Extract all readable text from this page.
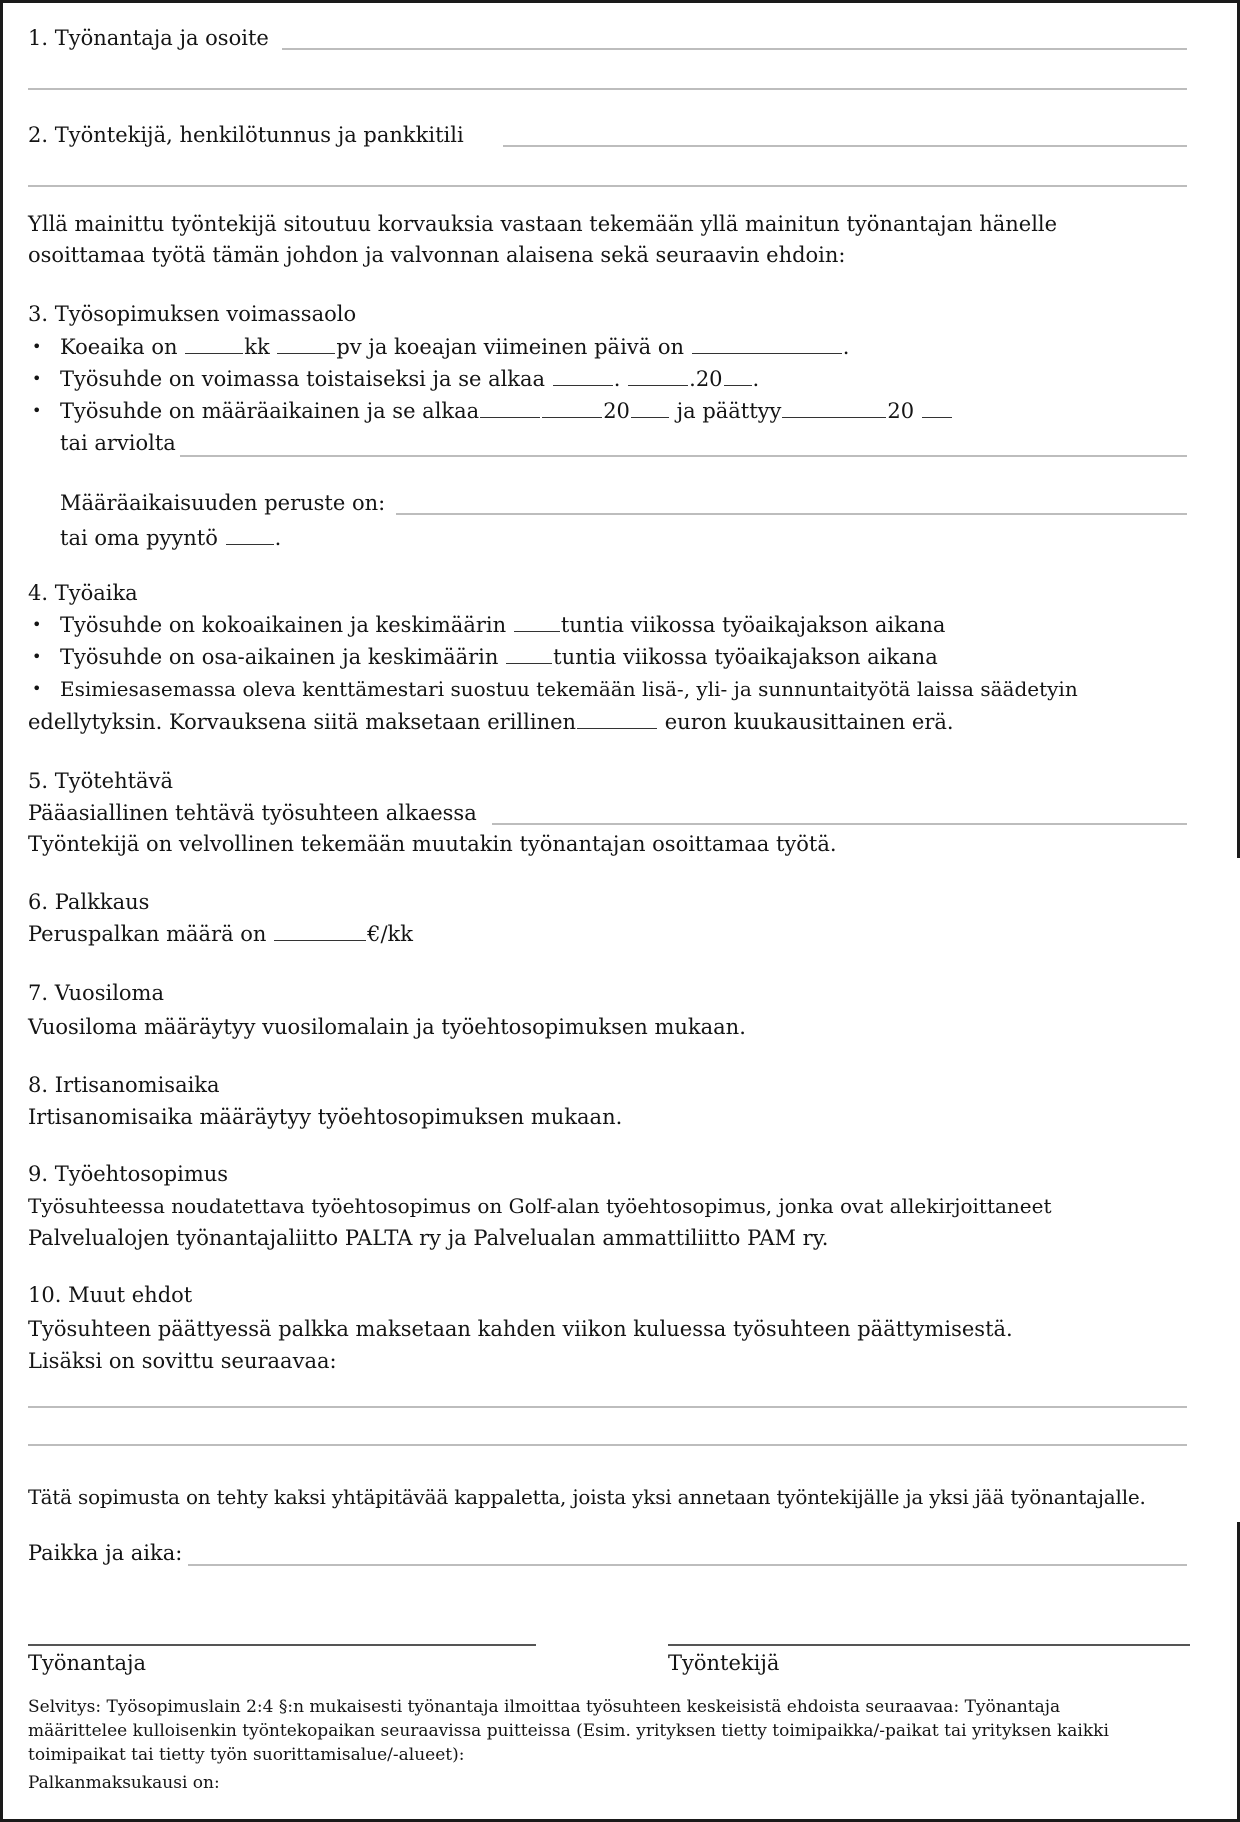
1. Työnantaja ja osoite
2. Työntekijä, henkilötunnus ja pankkitili
Yllä mainittu työntekijä sitoutuu korvauksia vastaan tekemään yllä mainitun työnantajan hänelle
osoittamaa työtä tämän johdon ja valvonnan alaisena sekä seuraavin ehdoin:
3. Työsopimuksen voimassaolo
• Koeaika on	kk	pv ja koeajan viimeinen päivä on	.
• Työsuhde on voimassa toistaiseksi ja se alkaa	.	.20 .
• Työsuhde on määräaikainen ja se alkaa	20 ja päättyy	20
tai arviolta
Määräaikaisuuden peruste on:
tai oma pyyntö	.
4. Työaika
• Työsuhde on kokoaikainen ja keskimäärin	tuntia viikossa työaikajakson aikana
• Työsuhde on osa-aikainen ja keskimäärin	tuntia viikossa työaikajakson aikana
• Esimiesasemassa oleva kenttämestari suostuu tekemään lisä-, yli- ja sunnuntaityötä laissa säädetyin
edellytyksin. Korvauksena siitä maksetaan erillinen	euron kuukausittainen erä.
5. Työtehtävä
Pääasiallinen tehtävä työsuhteen alkaessa
Työntekijä on velvollinen tekemään muutakin työnantajan osoittamaa työtä.
6. Palkkaus
Peruspalkan määrä on	€/kk
7. Vuosiloma
Vuosiloma määräytyy vuosilomalain ja työehtosopimuksen mukaan.
8. Irtisanomisaika
Irtisanomisaika määräytyy työehtosopimuksen mukaan.
9. Työehtosopimus
Työsuhteessa noudatettava työehtosopimus on Golf-alan työehtosopimus, jonka ovat allekirjoittaneet
Palvelualojen työnantajaliitto PALTA ry ja Palvelualan ammattiliitto PAM ry.
10. Muut ehdot
Työsuhteen päättyessä palkka maksetaan kahden viikon kuluessa työsuhteen päättymisestä.
Lisäksi on sovittu seuraavaa:
Tätä sopimusta on tehty kaksi yhtäpitävää kappaletta, joista yksi annetaan työntekijälle ja yksi jää työnantajalle.
Paikka ja aika:
Työnantaja	Työntekijä
Selvitys: Työsopimuslain 2:4 §:n mukaisesti työnantaja ilmoittaa työsuhteen keskeisistä ehdoista seuraavaa: Työnantaja
määrittelee kulloisenkin työntekopaikan seuraavissa puitteissa (Esim. yrityksen tietty toimipaikka/-paikat tai yrityksen kaikki
toimipaikat tai tietty työn suorittamisalue/-alueet):
Palkanmaksukausi on:
